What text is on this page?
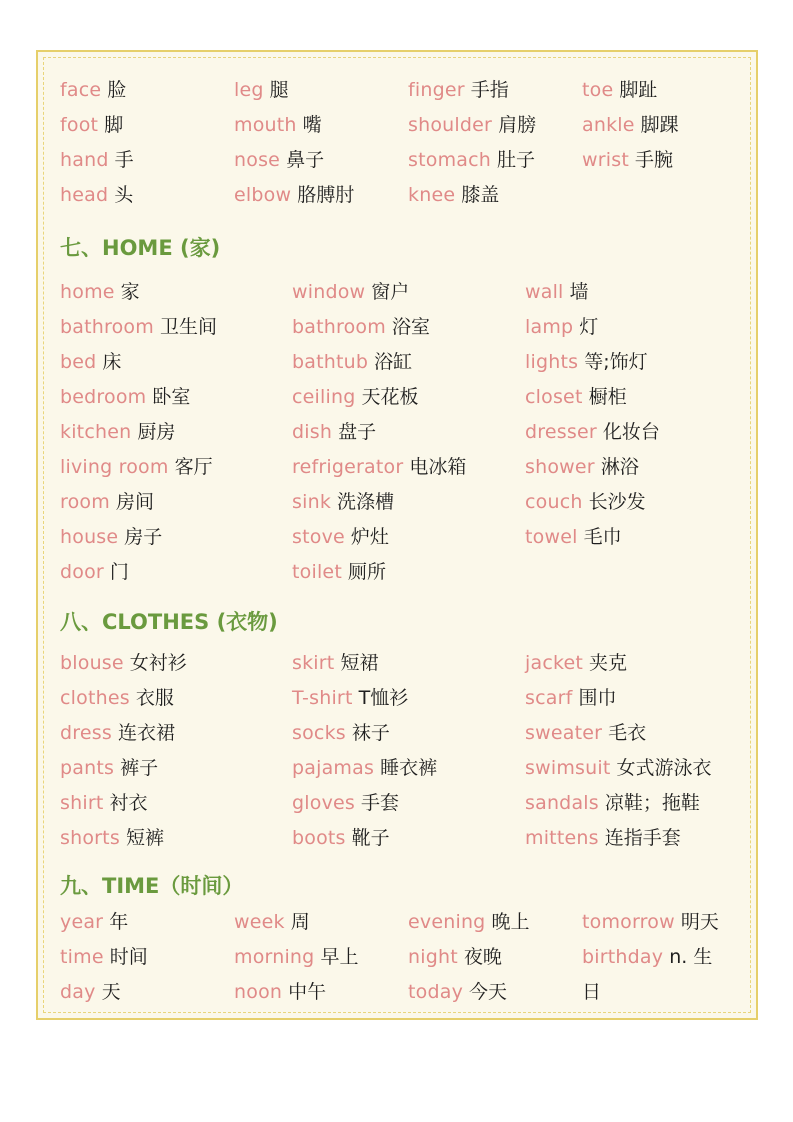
face 脸	leg 腿	finger 手指	toe 脚趾
foot 脚	mouth 嘴	shoulder 肩膀 ankle 脚踝
hand 手	nose 鼻子	stomach 肚子 wrist 手腕
head 头	elbow 胳膊肘	knee 膝盖
七、HOME (家)
home 家	window 窗户	wall 墙
bathroom 卫生间	bathroom 浴室	lamp 灯
bed 床	bathtub 浴缸	lights 等;饰灯
bedroom 卧室	ceiling 天花板	closet 橱柜
kitchen 厨房	dish 盘子	dresser 化妆台
living room 客厅	refrigerator 电冰箱	shower 淋浴
room 房间	sink 洗涤槽	couch 长沙发
house 房子	stove 炉灶	towel 毛巾
door 门	toilet 厕所
八、CLOTHES (衣物)
blouse 女衬衫	skirt 短裙	jacket 夹克
clothes 衣服	T-shirt T恤衫	scarf 围巾
dress 连衣裙	socks 袜子	sweater 毛衣
pants 裤子	pajamas 睡衣裤	swimsuit 女式游泳衣
shirt 衬衣	gloves 手套	sandals 凉鞋；拖鞋
shorts 短裤	boots 靴子	mittens 连指手套
九、TIME（时间）
year 年	week 周	evening 晚上	tomorrow 明天
time 时间	morning 早上	night 夜晚	birthday n. 生
day 天	noon 中午	today 今天	日
